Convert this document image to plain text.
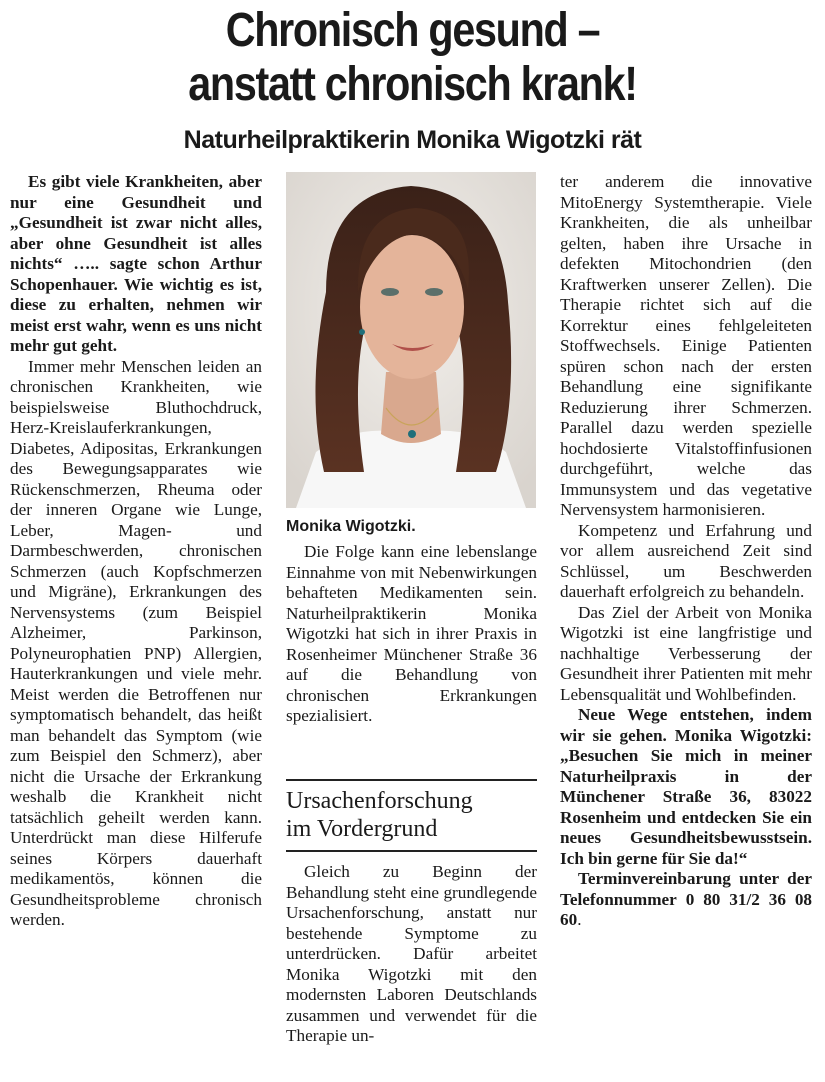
Chronisch gesund –
anstatt chronisch krank!
Naturheilpraktikerin Monika Wigotzki rät

Es gibt viele Krankheiten, aber nur eine Gesundheit und „Gesundheit ist zwar nicht alles, aber ohne Gesundheit ist alles nichts“ ….. sagte schon Arthur Schopenhauer. Wie wichtig es ist, diese zu erhalten, nehmen wir meist erst wahr, wenn es uns nicht mehr gut geht.

Immer mehr Menschen leiden an chronischen Krankheiten, wie beispielsweise Bluthochdruck, Herz-Kreislauferkrankungen, Diabetes, Adipositas, Erkrankungen des Bewegungsapparates wie Rückenschmerzen, Rheuma oder der inneren Organe wie Lunge, Leber, Magen- und Darmbeschwerden, chronischen Schmerzen (auch Kopfschmerzen und Migräne), Erkrankungen des Nervensystems (zum Beispiel Alzheimer, Parkinson, Polyneurophatien PNP) Allergien, Hauterkrankungen und viele mehr. Meist werden die Betroffenen nur symptomatisch behandelt, das heißt man behandelt das Symptom (wie zum Beispiel den Schmerz), aber nicht die Ursache der Erkrankung weshalb die Krankheit nicht tatsächlich geheilt werden kann. Unterdrückt man diese Hilferufe seines Körpers dauerhaft medikamentös, können die Gesundheitsprobleme chronisch werden.

Monika Wigotzki.

Die Folge kann eine lebenslange Einnahme von mit Nebenwirkungen behafteten Medikamenten sein. Naturheilpraktikerin Monika Wigotzki hat sich in ihrer Praxis in Rosenheimer Münchener Straße 36 auf die Behandlung von chronischen Erkrankungen spezialisiert.

Ursachenforschung
im Vordergrund

Gleich zu Beginn der Behandlung steht eine grundlegende Ursachenforschung, anstatt nur bestehende Symptome zu unterdrücken. Dafür arbeitet Monika Wigotzki mit den modernsten Laboren Deutschlands zusammen und verwendet für die Therapie un-

ter anderem die innovative MitoEnergy Systemtherapie. Viele Krankheiten, die als unheilbar gelten, haben ihre Ursache in defekten Mitochondrien (den Kraftwerken unserer Zellen). Die Therapie richtet sich auf die Korrektur eines fehlgeleiteten Stoffwechsels. Einige Patienten spüren schon nach der ersten Behandlung eine signifikante Reduzierung ihrer Schmerzen. Parallel dazu werden spezielle hochdosierte Vitalstoffinfusionen durchgeführt, welche das Immunsystem und das vegetative Nervensystem harmonisieren.

Kompetenz und Erfahrung und vor allem ausreichend Zeit sind Schlüssel, um Beschwerden dauerhaft erfolgreich zu behandeln.

Das Ziel der Arbeit von Monika Wigotzki ist eine langfristige und nachhaltige Verbesserung der Gesundheit ihrer Patienten mit mehr Lebensqualität und Wohlbefinden.

Neue Wege entstehen, indem wir sie gehen. Monika Wigotzki: „Besuchen Sie mich in meiner Naturheilpraxis in der Münchener Straße 36, 83022 Rosenheim und entdecken Sie ein neues Gesundheitsbewusstsein. Ich bin gerne für Sie da!“

Terminvereinbarung unter der Telefonnummer 0 80 31/2 36 08 60.
